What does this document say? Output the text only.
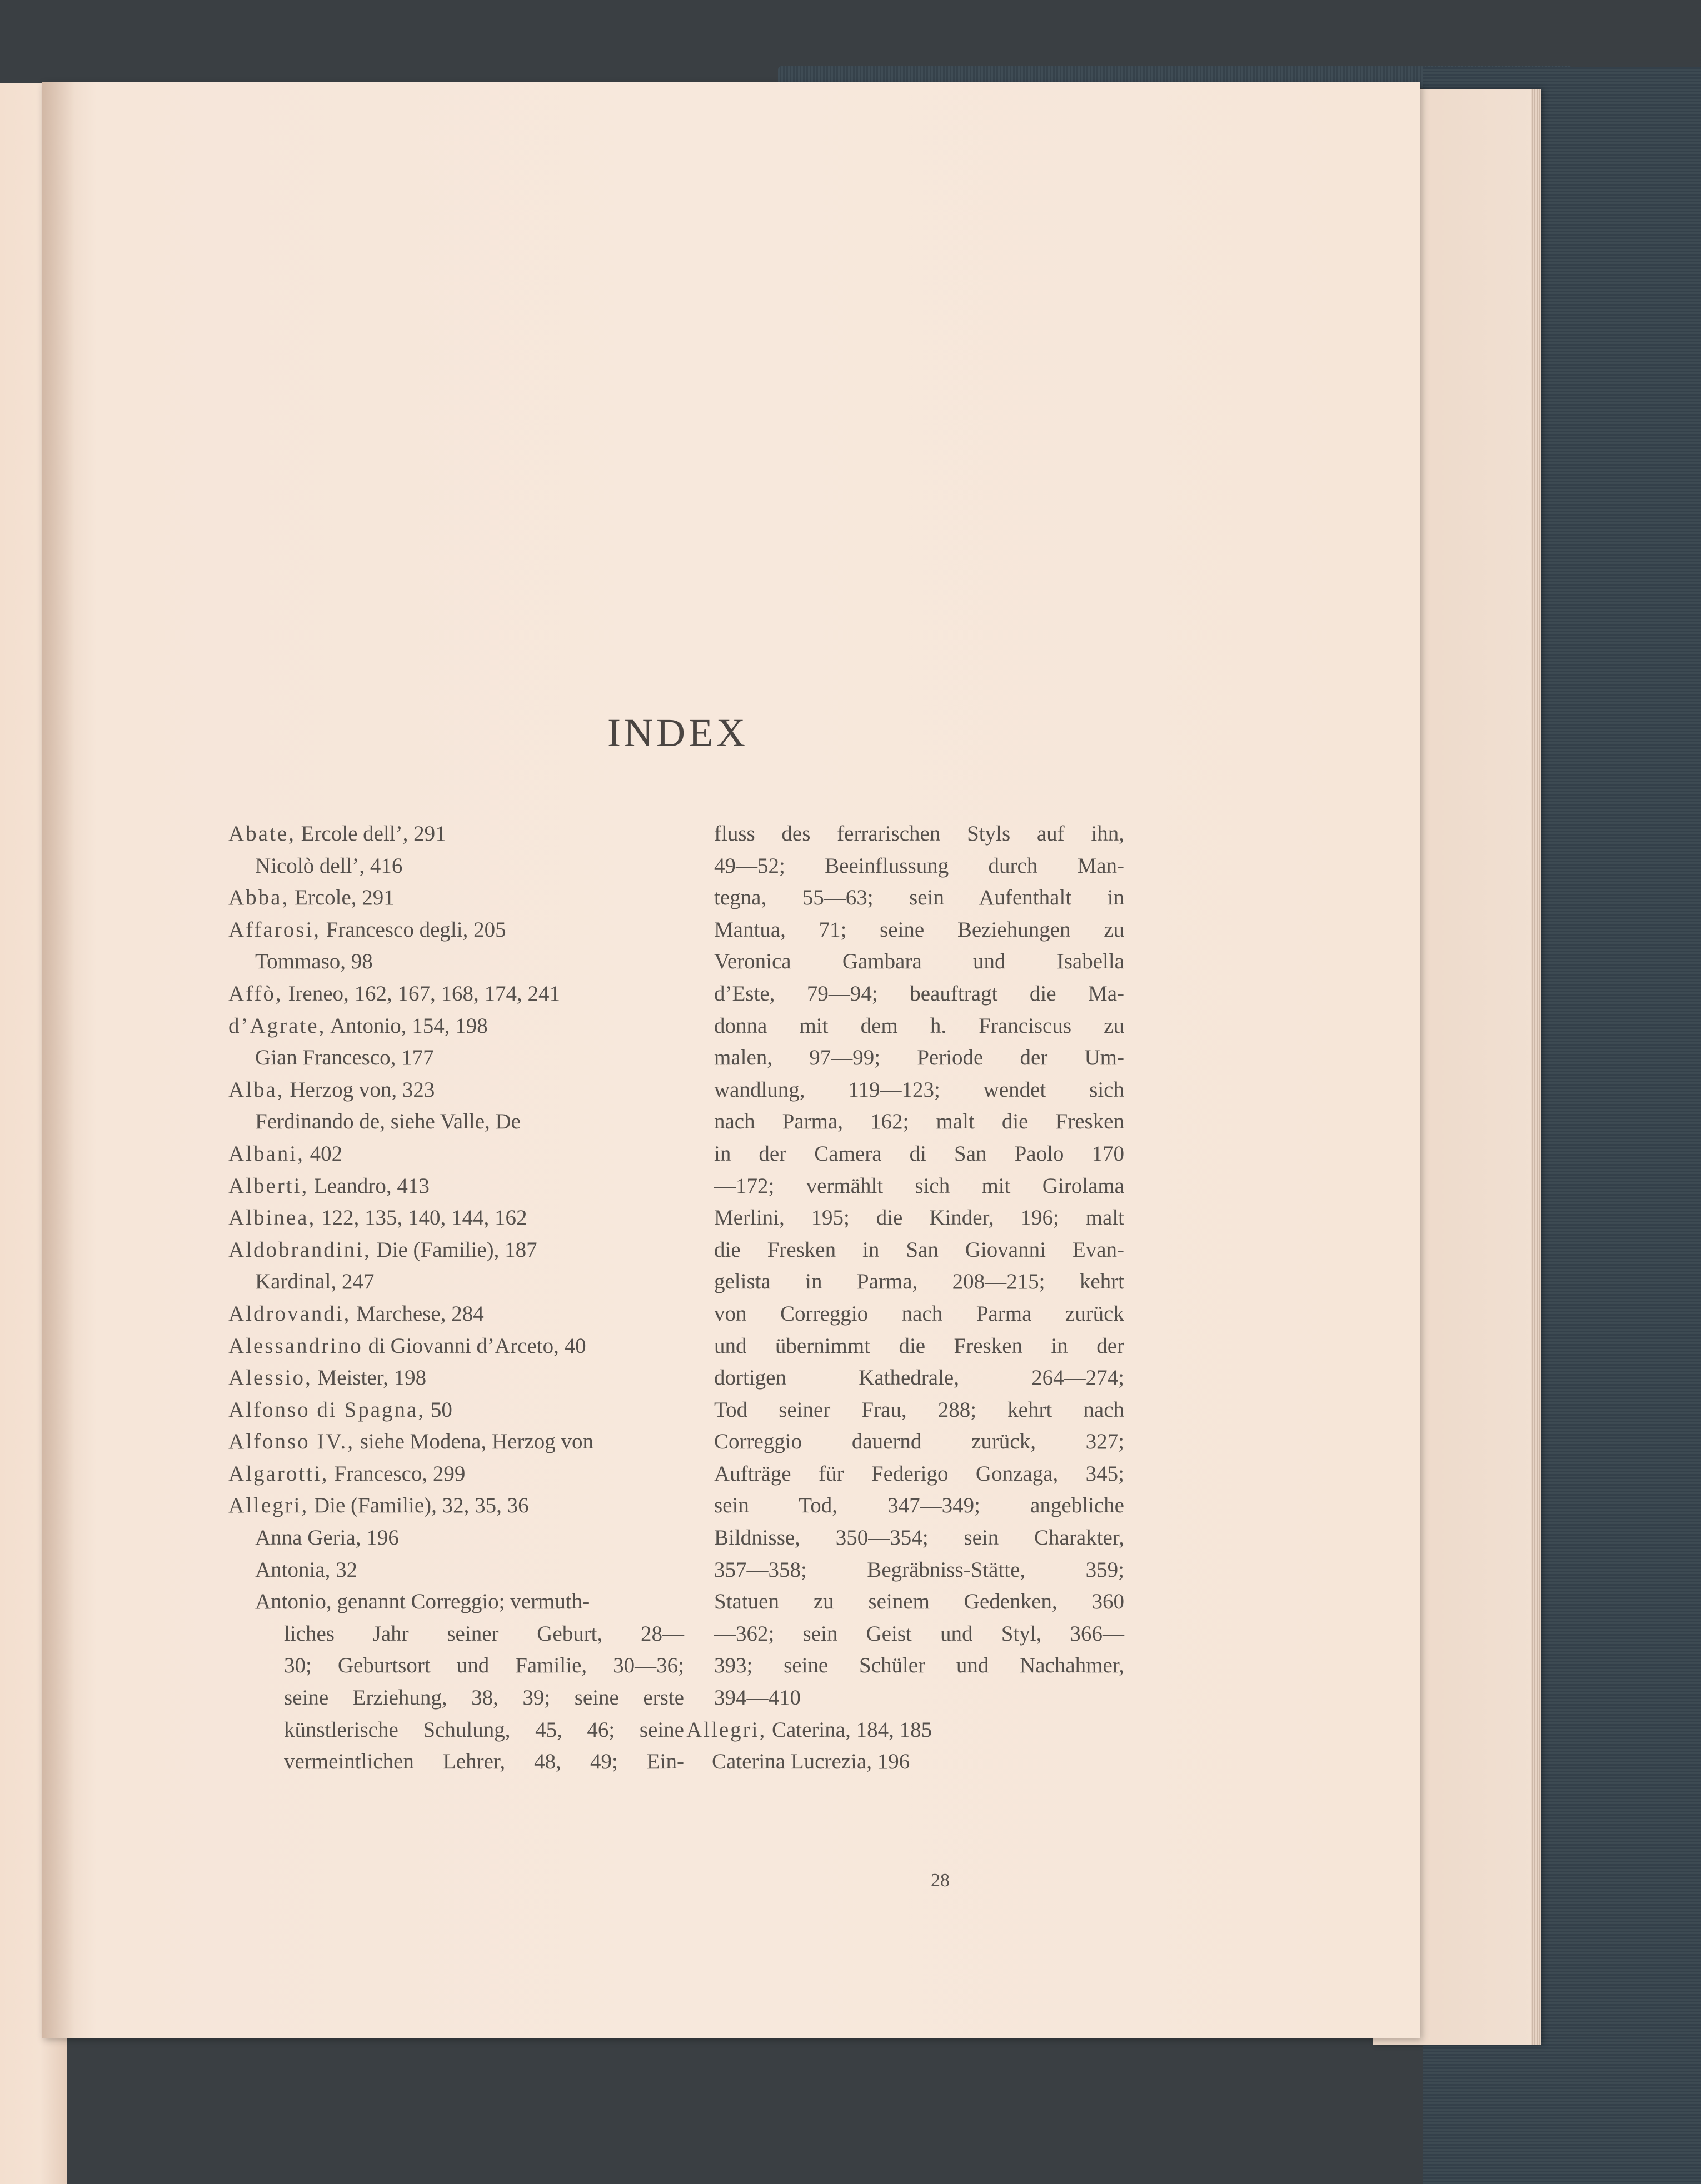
INDEX
Abate, Ercole dell’, 291
Nicolò dell’, 416
Abba, Ercole, 291
Affarosi, Francesco degli, 205
Tommaso, 98
Affò, Ireneo, 162, 167, 168, 174, 241
d’Agrate, Antonio, 154, 198
Gian Francesco, 177
Alba, Herzog von, 323
Ferdinando de, siehe Valle, De
Albani, 402
Alberti, Leandro, 413
Albinea, 122, 135, 140, 144, 162
Aldobrandini, Die (Familie), 187
Kardinal, 247
Aldrovandi, Marchese, 284
Alessandrino di Giovanni d’Arceto, 40
Alessio, Meister, 198
Alfonso di Spagna, 50
Alfonso IV., siehe Modena, Herzog von
Algarotti, Francesco, 299
Allegri, Die (Familie), 32, 35, 36
Anna Geria, 196
Antonia, 32
Antonio, genannt Correggio; vermuth-
liches Jahr seiner Geburt, 28—
30; Geburtsort und Familie, 30—36;
seine Erziehung, 38, 39; seine erste
künstlerische Schulung, 45, 46; seine
vermeintlichen Lehrer, 48, 49; Ein-
fluss des ferrarischen Styls auf ihn,
49—52; Beeinflussung durch Man-
tegna, 55—63; sein Aufenthalt in
Mantua, 71; seine Beziehungen zu
Veronica Gambara und Isabella
d’Este, 79—94; beauftragt die Ma-
donna mit dem h. Franciscus zu
malen, 97—99; Periode der Um-
wandlung, 119—123; wendet sich
nach Parma, 162; malt die Fresken
in der Camera di San Paolo 170
—172; vermählt sich mit Girolama
Merlini, 195; die Kinder, 196; malt
die Fresken in San Giovanni Evan-
gelista in Parma, 208—215; kehrt
von Correggio nach Parma zurück
und übernimmt die Fresken in der
dortigen Kathedrale, 264—274;
Tod seiner Frau, 288; kehrt nach
Correggio dauernd zurück, 327;
Aufträge für Federigo Gonzaga, 345;
sein Tod, 347—349; angebliche
Bildnisse, 350—354; sein Charakter,
357—358; Begräbniss-Stätte, 359;
Statuen zu seinem Gedenken, 360
—362; sein Geist und Styl, 366—
393; seine Schüler und Nachahmer,
394—410
Allegri, Caterina, 184, 185
Caterina Lucrezia, 196
28
